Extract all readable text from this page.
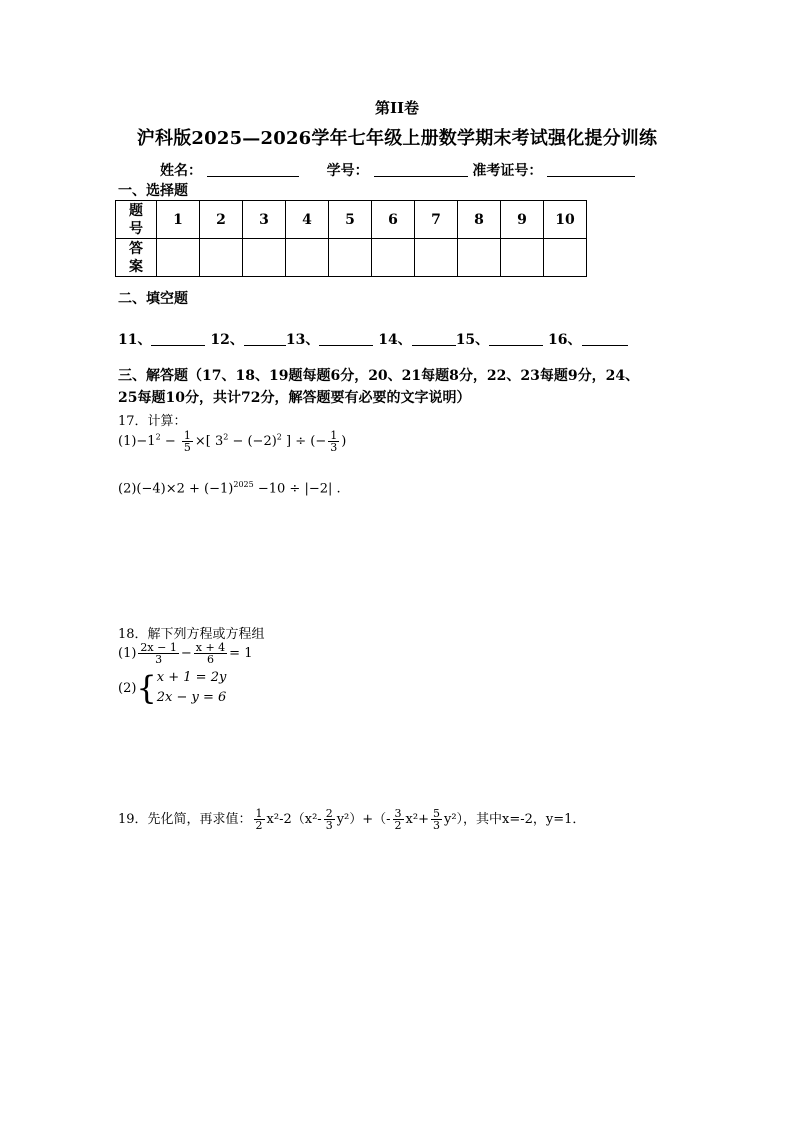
第II卷
沪科版2025—2026学年七年级上册数学期末考试强化提分训练
姓名：	学号：	准考证号：
一、选择题
题号	1	2	3	4	5	6	7	8	9	10
答案										
二、填空题
11、	12、	13、	14、	15、	16、
三、解答题（17、18、19题每题6分，20、21每题8分，22、23每题9分，24、
25每题10分，共计72分，解答题要有必要的文字说明）
17．计算：
$(1)-1^2 - \frac{1}{5}$ ×[ $3^2 - (-2)^2$ ] ÷ (− $\frac{1}{3}$ )
$(2)(-4)\times 2 + (-1)^{2025} -10 \div |-2|$ .
18．解下列方程或方程组
$(1) \frac{2x - 1}{3} - \frac{x + 4}{6} = 1$
(2){ x + 1 = 2y
2x − y = 6
19．先化简，再求值： $\frac{1}{2} x^2-2(x^2- \frac{2}{3} y^2)+(- \frac{3}{2} x^2+ \frac{5}{3} y^2)$，其中x=-2，y=1．
